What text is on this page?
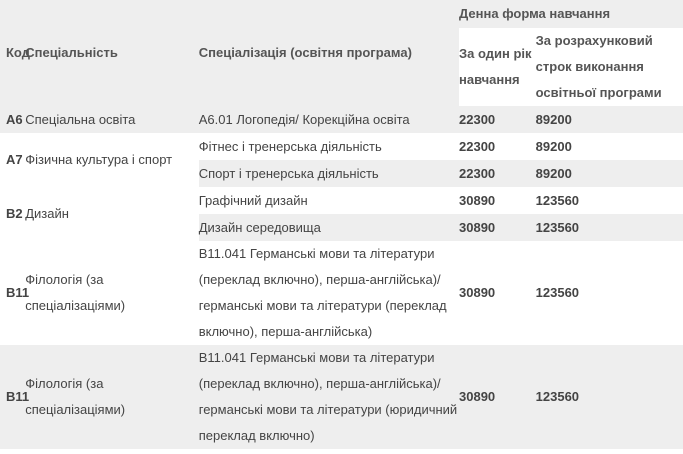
Код	Спеціальність	Спеціалізація (освітня програма)	Денна форма навчання	
			За один рік навчання	За розрахунковий строк виконання освітньої програми
А6	Спеціальна освіта	А6.01 Логопедія/ Корекційна освіта	22300	89200
А7	Фізична культура і спорт	Фітнес і тренерська діяльність	22300	89200
		Спорт і тренерська діяльність	22300	89200
В2	Дизайн	Графічний дизайн	30890	123560
		Дизайн середовища	30890	123560
В11	Філологія (за спеціалізаціями)	В11.041 Германські мови та літератури (переклад включно), перша-англійська)/ германські мови та літератури (переклад включно), перша-англійська)	30890	123560
В11	Філологія (за спеціалізаціями)	В11.041 Германські мови та літератури (переклад включно), перша-англійська)/ германські мови та літератури (юридичний переклад включно)	30890	123560
